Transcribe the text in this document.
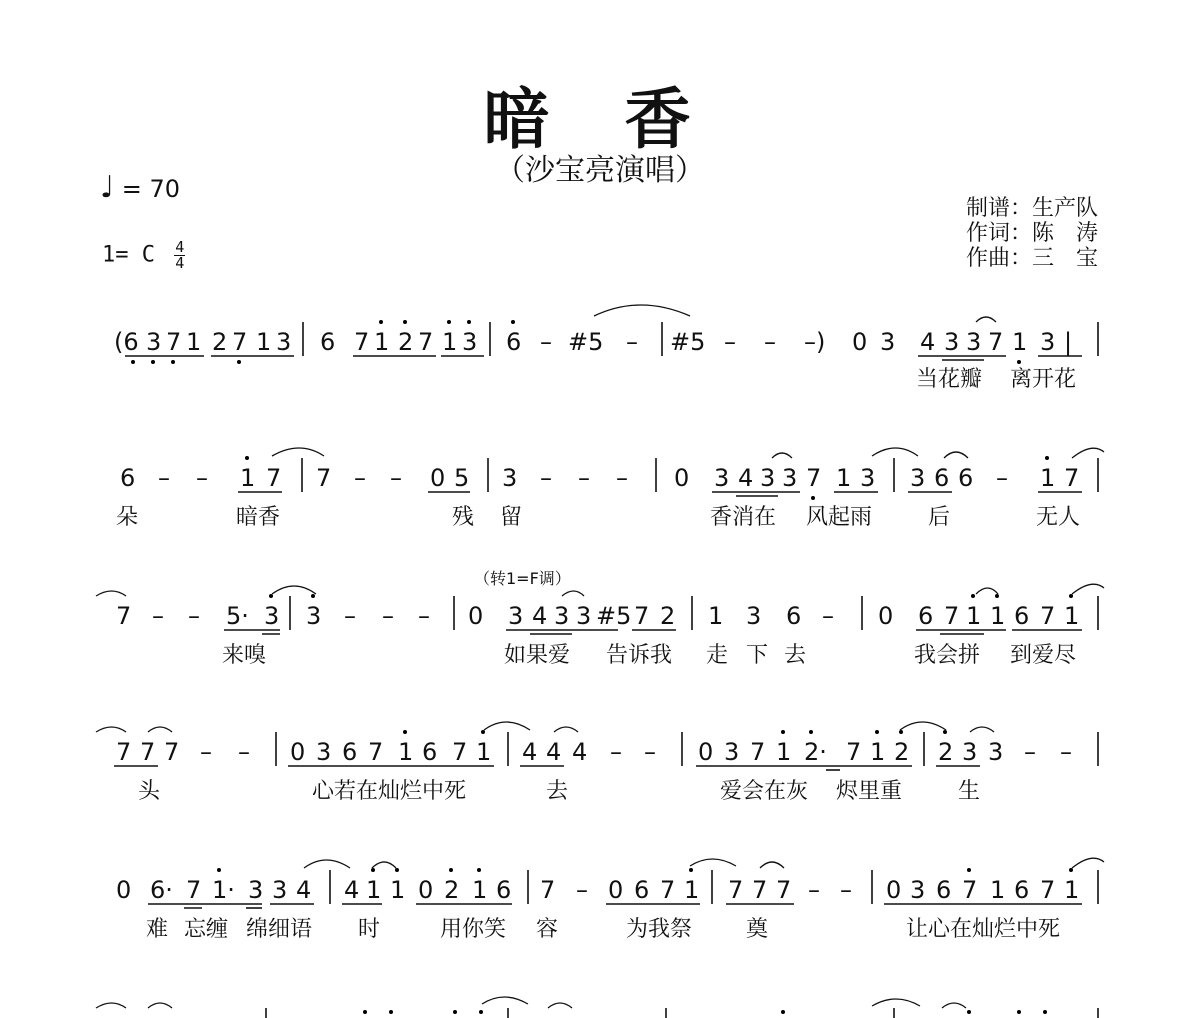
暗 香
（沙宝亮演唱）
♩ = 70
1= C $\frac{4}{4}$
制谱：生产队
作词：陈　涛
作曲：三　宝
(6 3 7 1 2 7 1 3 6 7 1 2 7 1 3 6 – #5 – #5 – – –) 0 3 4 3 3 7 1 3 |
当花瓣 离开花
6 – – 1 7 7 – – 0 5 3 – – – 0 3 4 3 3 7 1 3 3 6 6 – 1 7
朵	暗香	残 留	香消在 风起雨	后	无人
（转1=F调）
7 – – 5· 3 3 – – – 0 3 4 3 3 #5 7 2 1 3 6 – 0 6 7 1 1 6 7 1
来嗅	如果爱 告诉我 走 下 去	我会拼 到爱尽
7 7 7 – – 0 3 6 7 1 6 7 1 4 4 4 – – 0 3 7 1 2· 7 1 2 2 3 3 – –
头	心若在灿烂中死	去	爱会在灰 烬里重	生
0 6· 7 1· 3 3 4 4 1 1 0 2 1 6 7 – 0 6 7 1 7 7 7 – – 0 3 6 7 1 6 7 1
难 忘缠 绵细语 时	用你笑 容	为我祭 奠	让心在灿烂中死
